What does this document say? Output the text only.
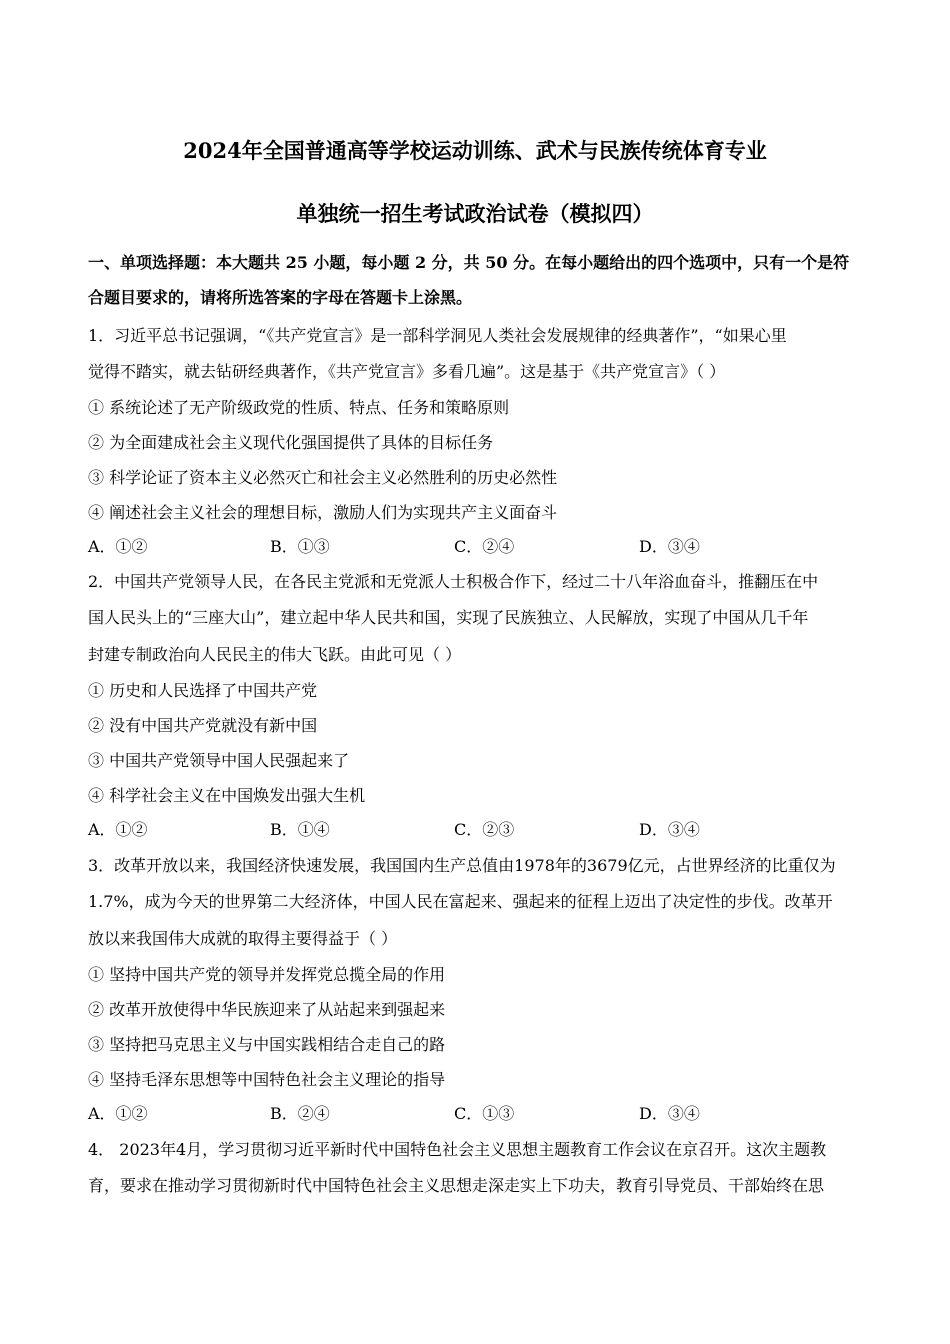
2024年全国普通高等学校运动训练、武术与民族传统体育专业
单独统一招生考试政治试卷（模拟四）
一、单项选择题：本大题共 25 小题，每小题 2 分，共 50 分。在每小题给出的四个选项中，只有一个是符
合题目要求的，请将所选答案的字母在答题卡上涂黑。
1．习近平总书记强调，“《共产党宣言》是一部科学洞见人类社会发展规律的经典著作”，“如果心里
觉得不踏实，就去钻研经典著作，《共产党宣言》多看几遍”。这是基于《共产党宣言》（ ）
① 系统论述了无产阶级政党的性质、特点、任务和策略原则
② 为全面建成社会主义现代化强国提供了具体的目标任务
③ 科学论证了资本主义必然灭亡和社会主义必然胜利的历史必然性
④ 阐述社会主义社会的理想目标，激励人们为实现共产主义面奋斗
A．①②	B．①③	C．②④	D．③④
2．中国共产党领导人民，在各民主党派和无党派人士积极合作下，经过二十八年浴血奋斗，推翻压在中
国人民头上的“三座大山”，建立起中华人民共和国，实现了民族独立、人民解放，实现了中国从几千年
封建专制政治向人民民主的伟大飞跃。由此可见（ ）
① 历史和人民选择了中国共产党
② 没有中国共产党就没有新中国
③ 中国共产党领导中国人民强起来了
④ 科学社会主义在中国焕发出强大生机
A．①②	B．①④	C．②③	D．③④
3．改革开放以来，我国经济快速发展，我国国内生产总值由1978年的3679亿元，占世界经济的比重仅为
1.7%，成为今天的世界第二大经济体，中国人民在富起来、强起来的征程上迈出了决定性的步伐。改革开
放以来我国伟大成就的取得主要得益于（ ）
① 坚持中国共产党的领导并发挥党总揽全局的作用
② 改革开放使得中华民族迎来了从站起来到强起来
③ 坚持把马克思主义与中国实践相结合走自己的路
④ 坚持毛泽东思想等中国特色社会主义理论的指导
A．①②	B．②④	C．①③	D．③④
4． 2023年4月，学习贯彻习近平新时代中国特色社会主义思想主题教育工作会议在京召开。这次主题教
育，要求在推动学习贯彻新时代中国特色社会主义思想走深走实上下功夫，教育引导党员、干部始终在思
